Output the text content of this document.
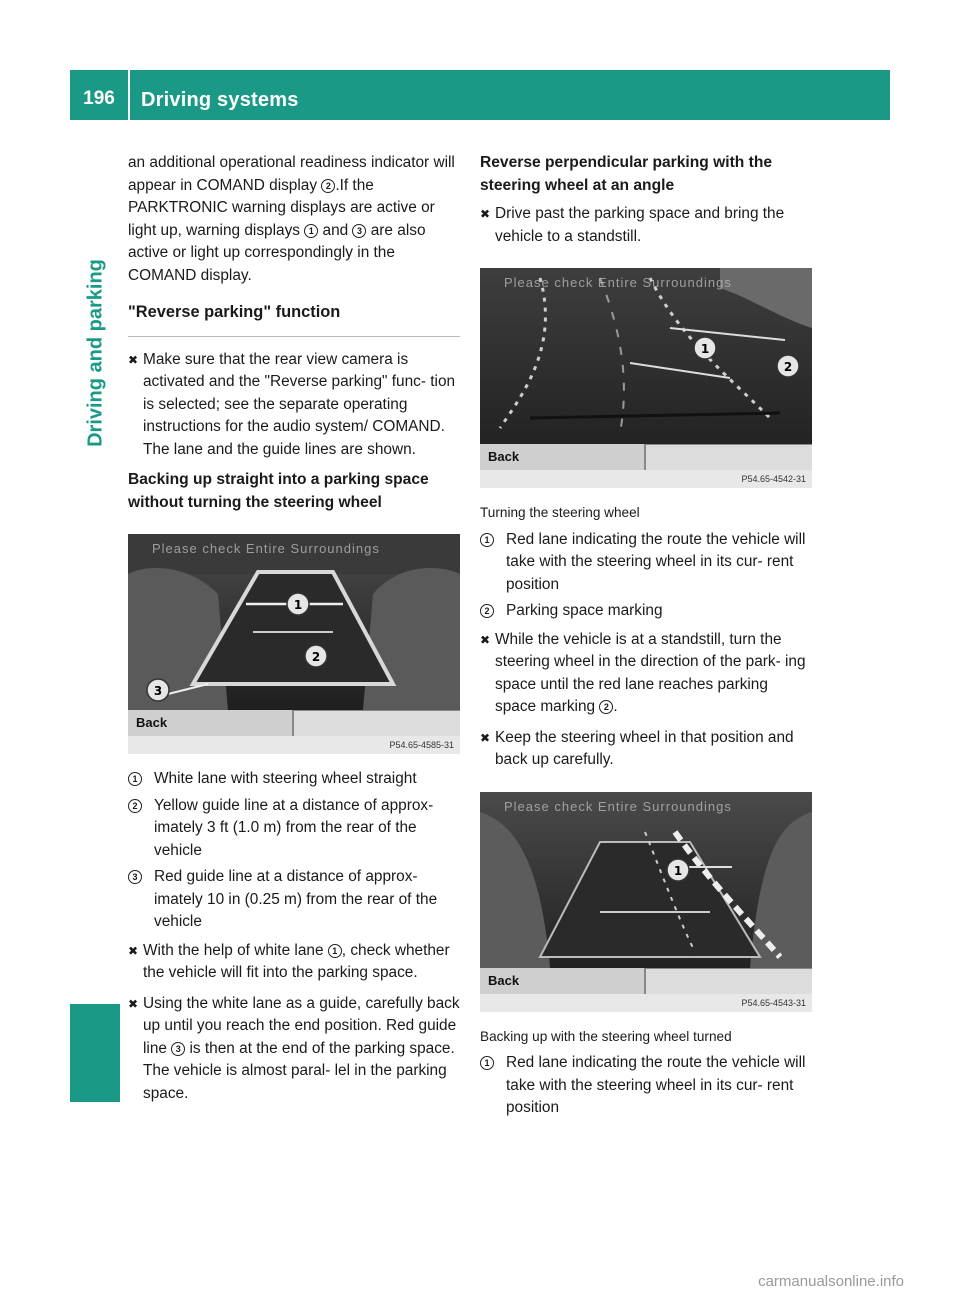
196	Driving systems
Driving and parking

an additional operational readiness indicator will appear in COMAND display 2 .If the PARKTRONIC warning displays are active or light up, warning displays 1 and 3 are also active or light up correspondingly in the COMAND display.

"Reverse parking" function
✖ Make sure that the rear view camera is activated and the "Reverse parking" func- tion is selected; see the separate operating instructions for the audio system/ COMAND.

The lane and the guide lines are shown.

Backing up straight into a parking space without turning the steering wheel
1
2
3
Please check Entire Surroundings
Back
P54.65-4585-31
1 White lane with steering wheel straight

2 Yellow guide line at a distance of approx- imately 3 ft (1.0 m) from the rear of the vehicle

3 Red guide line at a distance of approx- imately 10 in (0.25 m) from the rear of the vehicle

✖ With the help of white lane 1 , check whether the vehicle will fit into the parking space.

✖ Using the white lane as a guide, carefully back up until you reach the end position. Red guide line 3 is then at the end of the parking space. The vehicle is almost paral- lel in the parking space.

Reverse perpendicular parking with the steering wheel at an angle
✖ Drive past the parking space and bring the vehicle to a standstill.

1
2
Please check Entire Surroundings
Back
P54.65-4542-31
Turning the steering wheel
1 Red lane indicating the route the vehicle will take with the steering wheel in its cur- rent position

2 Parking space marking

✖ While the vehicle is at a standstill, turn the steering wheel in the direction of the park- ing space until the red lane reaches parking space marking 2 .

✖ Keep the steering wheel in that position and back up carefully.

1
Please check Entire Surroundings
Back
P54.65-4543-31
Backing up with the steering wheel turned
1 Red lane indicating the route the vehicle will take with the steering wheel in its cur- rent position

carmanualsonline.info
